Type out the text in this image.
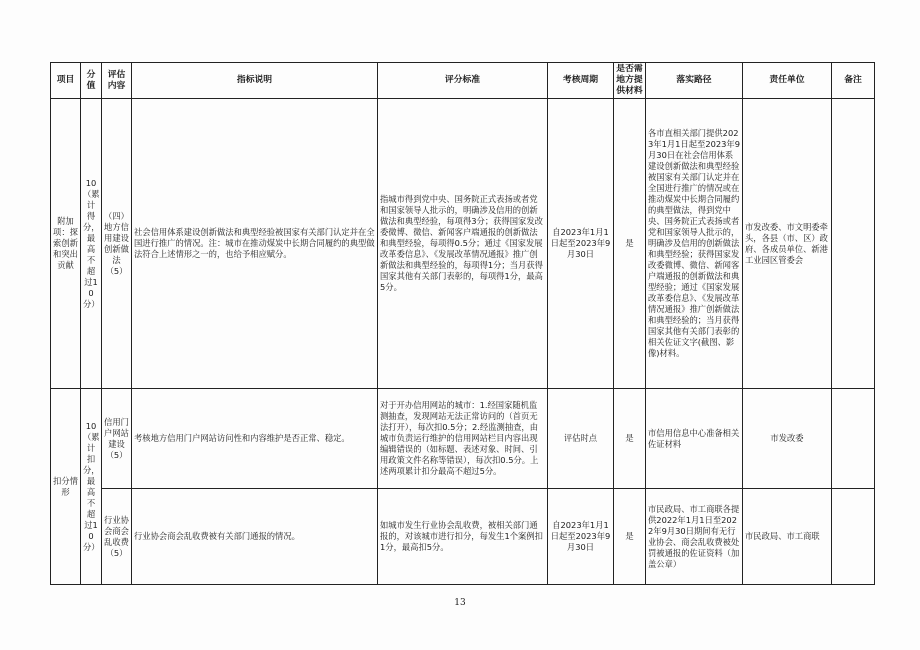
项目	分值	评估内容	指标说明	评分标准	考核周期	是否需地方提供材料	落实路径	责任单位	备注
附加项：探索创新和突出贡献	10（累计得分，最高不超过10分）	（四）地方信用建设创新做法（5）	社会信用体系建设创新做法和典型经验被国家有关部门认定并在全国进行推广的情况。注：城市在推动煤炭中长期合同履约的典型做法符合上述情形之一的，也给予相应赋分。	指城市得到党中央、国务院正式表扬或者党和国家领导人批示的，明确涉及信用的创新做法和典型经验，每项得3分；获得国家发改委微博、微信、新闻客户端通报的创新做法和典型经验，每项得0.5分；通过《国家发展改革委信息》、《发展改革情况通报》推广创新做法和典型经验的，每项得1分；当月获得国家其他有关部门表彰的，每项得1分，最高5分。	自2023年1月1日起至2023年9月30日	是	各市直相关部门提供2023年1月1日起至2023年9月30日在社会信用体系建设创新做法和典型经验被国家有关部门认定并在全国进行推广的情况或在推动煤炭中长期合同履约的典型做法，得到党中央、国务院正式表扬或者党和国家领导人批示的，明确涉及信用的创新做法和典型经验；获得国家发改委微博、微信、新闻客户端通报的创新做法和典型经验；通过《国家发展改革委信息》、《发展改革情况通报》推广创新做法和典型经验的；当月获得国家其他有关部门表彰的相关佐证文字(截图、影像)材料。	市发改委、市文明委牵头，各县（市、区）政府、各成员单位、新港工业园区管委会	
扣分情形	10（累计扣分，最高不超过10分）	信用门户网站建设（5）	考核地方信用门户网站访问性和内容维护是否正常、稳定。	对于开办信用网站的城市：1.经国家随机监测抽查，发现网站无法正常访问的（首页无法打开），每次扣0.5分；2.经监测抽查，由城市负责运行维护的信用网站栏目内容出现编辑错误的（如标题、表述对象、时间、引用政策文件名称等错误），每次扣0.5分。上述两项累计扣分最高不超过5分。	评估时点	是	市信用信息中心准备相关佐证材料	市发改委	
		行业协会商会乱收费（5）	行业协会商会乱收费被有关部门通报的情况。	如城市发生行业协会乱收费，被相关部门通报的，对该城市进行扣分，每发生1个案例扣1分，最高扣5分。	自2023年1月1日起至2023年9月30日	是	市民政局、市工商联各提供2022年1月1日至2022年9月30日期间有无行业协会、商会乱收费被处罚被通报的佐证资料（加盖公章）	市民政局、市工商联	
13
